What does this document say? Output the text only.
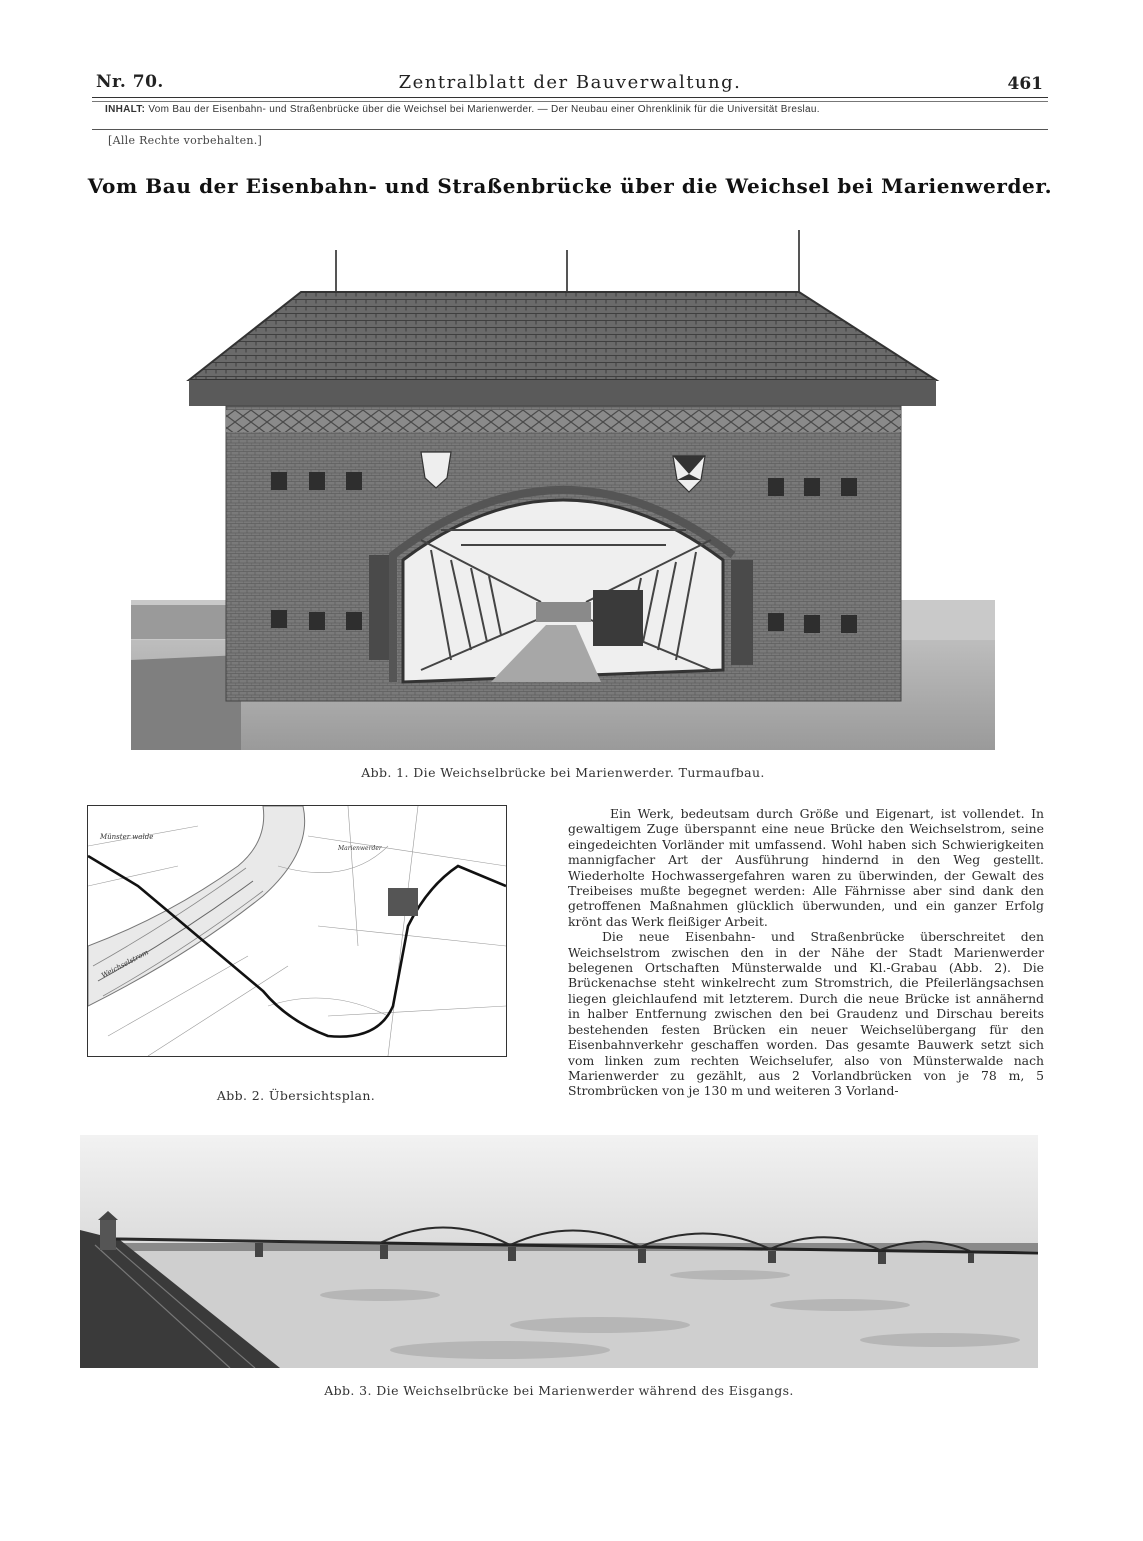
Nr. 70.	Zentralblatt der Bauverwaltung.	461
INHALT: Vom Bau der Eisenbahn- und Straßenbrücke über die Weichsel bei Marienwerder. — Der Neubau einer Ohrenklinik für die Universität Breslau.
[Alle Rechte vorbehalten.]
Vom Bau der Eisenbahn- und Straßenbrücke über die Weichsel bei Marienwerder.
Abb. 1. Die Weichselbrücke bei Marienwerder. Turmaufbau.
Münster walde
Marienwerder
Weichselstrom
Abb. 2. Übersichtsplan.

Ein Werk, bedeutsam durch Größe und Eigenart, ist vollendet. In gewaltigem Zuge überspannt eine neue Brücke den Weichselstrom, seine eingedeichten Vorländer mit umfassend. Wohl haben sich Schwierigkeiten mannigfacher Art der Ausführung hindernd in den Weg gestellt. Wiederholte Hochwassergefahren waren zu überwinden, der Gewalt des Treibeises mußte begegnet werden: Alle Fährnisse aber sind dank den getroffenen Maßnahmen glücklich überwunden, und ein ganzer Erfolg krönt das Werk fleißiger Arbeit.

Die neue Eisenbahn- und Straßenbrücke überschreitet den Weichselstrom zwischen den in der Nähe der Stadt Marienwerder belegenen Ortschaften Münsterwalde und Kl.-Grabau (Abb. 2). Die Brückenachse steht winkelrecht zum Stromstrich, die Pfeilerlängsachsen liegen gleichlaufend mit letzterem. Durch die neue Brücke ist annähernd in halber Entfernung zwischen den bei Graudenz und Dirschau bereits bestehenden festen Brücken ein neuer Weichselübergang für den Eisenbahnverkehr geschaffen worden. Das gesamte Bauwerk setzt sich vom linken zum rechten Weichselufer, also von Münsterwalde nach Marienwerder zu gezählt, aus 2 Vorlandbrücken von je 78 m, 5 Strombrücken von je 130 m und weiteren 3 Vorland-

Abb. 3. Die Weichselbrücke bei Marienwerder während des Eisgangs.
